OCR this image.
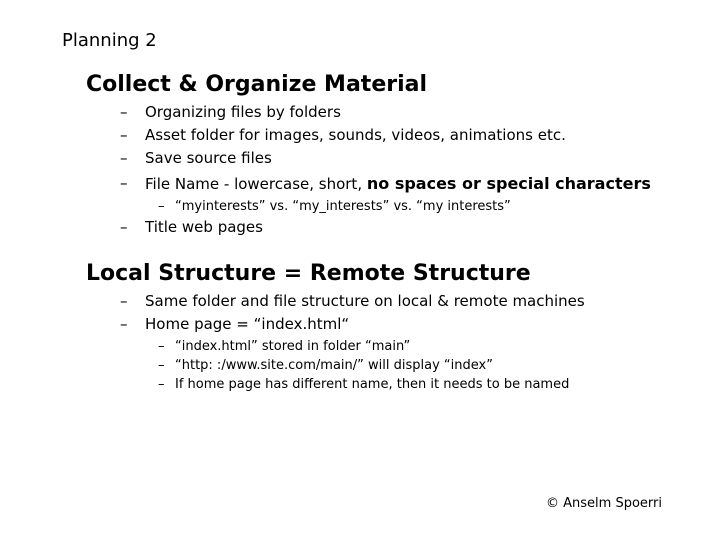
Planning 2
Collect & Organize Material
– Organizing files by folders
– Asset folder for images, sounds, videos, animations etc.
– Save source files
– File Name - lowercase, short, no spaces or special characters
– “myinterests” vs. “my_interests” vs. “my interests”
– Title web pages
Local Structure = Remote Structure
– Same folder and file structure on local & remote machines
– Home page = “index.html“
– “index.html” stored in folder “main”
– “http: :/www.site.com/main/” will display “index”
– If home page has different name, then it needs to be named
© Anselm Spoerri
